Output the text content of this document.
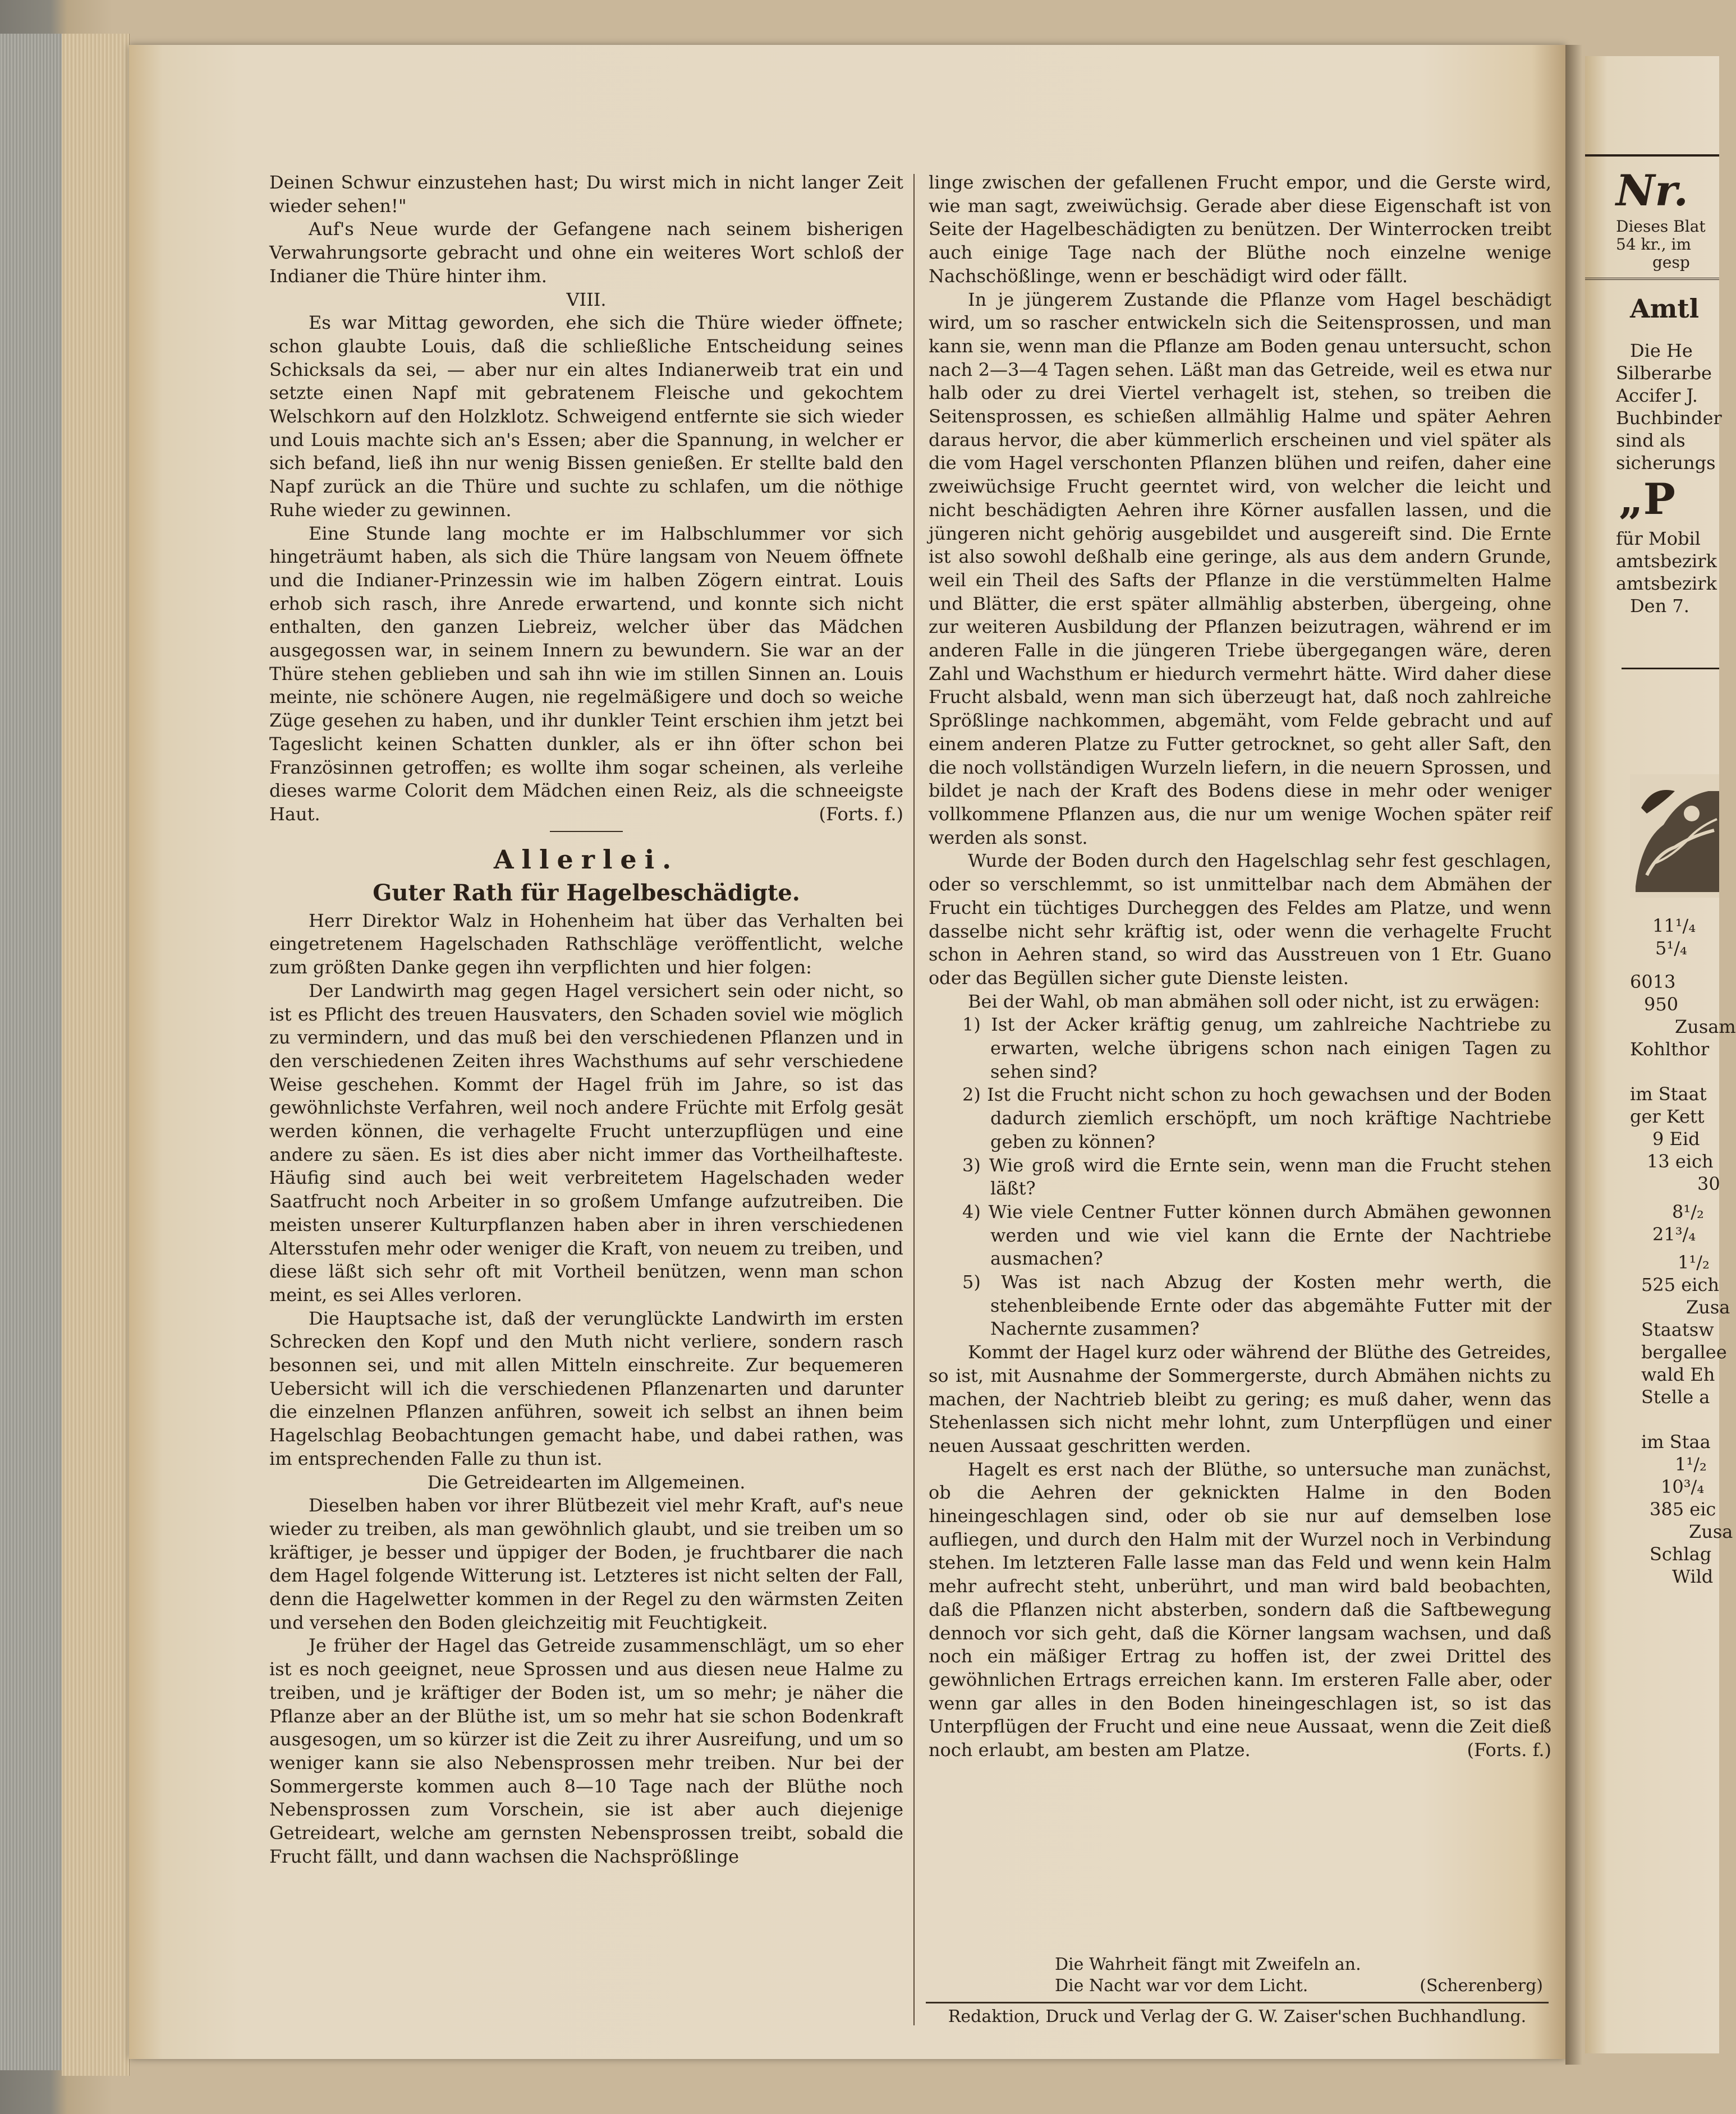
Deinen Schwur einzustehen hast; Du wirst mich in nicht langer Zeit wieder sehen!"

Auf's Neue wurde der Gefangene nach seinem bisherigen Verwahrungsorte gebracht und ohne ein weiteres Wort schloß der Indianer die Thüre hinter ihm.

VIII.

Es war Mittag geworden, ehe sich die Thüre wieder öffnete; schon glaubte Louis, daß die schließliche Entscheidung seines Schicksals da sei, — aber nur ein altes Indianerweib trat ein und setzte einen Napf mit gebratenem Fleische und gekochtem Welschkorn auf den Holzklotz. Schweigend entfernte sie sich wieder und Louis machte sich an's Essen; aber die Spannung, in welcher er sich befand, ließ ihn nur wenig Bissen genießen. Er stellte bald den Napf zurück an die Thüre und suchte zu schlafen, um die nöthige Ruhe wieder zu gewinnen.

Eine Stunde lang mochte er im Halbschlummer vor sich hingeträumt haben, als sich die Thüre langsam von Neuem öffnete und die Indianer-Prinzessin wie im halben Zögern eintrat. Louis erhob sich rasch, ihre Anrede erwartend, und konnte sich nicht enthalten, den ganzen Liebreiz, welcher über das Mädchen ausgegossen war, in seinem Innern zu bewundern. Sie war an der Thüre stehen geblieben und sah ihn wie im stillen Sinnen an. Louis meinte, nie schönere Augen, nie regelmäßigere und doch so weiche Züge gesehen zu haben, und ihr dunkler Teint erschien ihm jetzt bei Tageslicht keinen Schatten dunkler, als er ihn öfter schon bei Französinnen getroffen; es wollte ihm sogar scheinen, als verleihe dieses warme Colorit dem Mädchen einen Reiz, als die schneeigste Haut.	(Forts. f.)

Allerlei.
Guter Rath für Hagelbeschädigte.

Herr Direktor Walz in Hohenheim hat über das Verhalten bei eingetretenem Hagelschaden Rathschläge veröffentlicht, welche zum größten Danke gegen ihn verpflichten und hier folgen:

Der Landwirth mag gegen Hagel versichert sein oder nicht, so ist es Pflicht des treuen Hausvaters, den Schaden soviel wie möglich zu vermindern, und das muß bei den verschiedenen Pflanzen und in den verschiedenen Zeiten ihres Wachsthums auf sehr verschiedene Weise geschehen. Kommt der Hagel früh im Jahre, so ist das gewöhnlichste Verfahren, weil noch andere Früchte mit Erfolg gesät werden können, die verhagelte Frucht unterzupflügen und eine andere zu säen. Es ist dies aber nicht immer das Vortheilhafteste. Häufig sind auch bei weit verbreitetem Hagelschaden weder Saatfrucht noch Arbeiter in so großem Umfange aufzutreiben. Die meisten unserer Kulturpflanzen haben aber in ihren verschiedenen Altersstufen mehr oder weniger die Kraft, von neuem zu treiben, und diese läßt sich sehr oft mit Vortheil benützen, wenn man schon meint, es sei Alles verloren.

Die Hauptsache ist, daß der verunglückte Landwirth im ersten Schrecken den Kopf und den Muth nicht verliere, sondern rasch besonnen sei, und mit allen Mitteln einschreite. Zur bequemeren Uebersicht will ich die verschiedenen Pflanzenarten und darunter die einzelnen Pflanzen anführen, soweit ich selbst an ihnen beim Hagelschlag Beobachtungen gemacht habe, und dabei rathen, was im entsprechenden Falle zu thun ist.

Die Getreidearten im Allgemeinen.

Dieselben haben vor ihrer Blütbezeit viel mehr Kraft, auf's neue wieder zu treiben, als man gewöhnlich glaubt, und sie treiben um so kräftiger, je besser und üppiger der Boden, je fruchtbarer die nach dem Hagel folgende Witterung ist. Letzteres ist nicht selten der Fall, denn die Hagelwetter kommen in der Regel zu den wärmsten Zeiten und versehen den Boden gleichzeitig mit Feuchtigkeit.

Je früher der Hagel das Getreide zusammenschlägt, um so eher ist es noch geeignet, neue Sprossen und aus diesen neue Halme zu treiben, und je kräftiger der Boden ist, um so mehr; je näher die Pflanze aber an der Blüthe ist, um so mehr hat sie schon Bodenkraft ausgesogen, um so kürzer ist die Zeit zu ihrer Ausreifung, und um so weniger kann sie also Nebensprossen mehr treiben. Nur bei der Sommergerste kommen auch 8—10 Tage nach der Blüthe noch Nebensprossen zum Vorschein, sie ist aber auch diejenige Getreideart, welche am gernsten Nebensprossen treibt, sobald die Frucht fällt, und dann wachsen die Nachsprößlinge

linge zwischen der gefallenen Frucht empor, und die Gerste wird, wie man sagt, zweiwüchsig. Gerade aber diese Eigenschaft ist von Seite der Hagelbeschädigten zu benützen. Der Winterrocken treibt auch einige Tage nach der Blüthe noch einzelne wenige Nachschößlinge, wenn er beschädigt wird oder fällt.

In je jüngerem Zustande die Pflanze vom Hagel beschädigt wird, um so rascher entwickeln sich die Seitensprossen, und man kann sie, wenn man die Pflanze am Boden genau untersucht, schon nach 2—3—4 Tagen sehen. Läßt man das Getreide, weil es etwa nur halb oder zu drei Viertel verhagelt ist, stehen, so treiben die Seitensprossen, es schießen allmählig Halme und später Aehren daraus hervor, die aber kümmerlich erscheinen und viel später als die vom Hagel verschonten Pflanzen blühen und reifen, daher eine zweiwüchsige Frucht geerntet wird, von welcher die leicht und nicht beschädigten Aehren ihre Körner ausfallen lassen, und die jüngeren nicht gehörig ausgebildet und ausgereift sind. Die Ernte ist also sowohl deßhalb eine geringe, als aus dem andern Grunde, weil ein Theil des Safts der Pflanze in die verstümmelten Halme und Blätter, die erst später allmählig absterben, übergeing, ohne zur weiteren Ausbildung der Pflanzen beizutragen, während er im anderen Falle in die jüngeren Triebe übergegangen wäre, deren Zahl und Wachsthum er hiedurch vermehrt hätte. Wird daher diese Frucht alsbald, wenn man sich überzeugt hat, daß noch zahlreiche Sprößlinge nachkommen, abgemäht, vom Felde gebracht und auf einem anderen Platze zu Futter getrocknet, so geht aller Saft, den die noch vollständigen Wurzeln liefern, in die neuern Sprossen, und bildet je nach der Kraft des Bodens diese in mehr oder weniger vollkommene Pflanzen aus, die nur um wenige Wochen später reif werden als sonst.

Wurde der Boden durch den Hagelschlag sehr fest geschlagen, oder so verschlemmt, so ist unmittelbar nach dem Abmähen der Frucht ein tüchtiges Durcheggen des Feldes am Platze, und wenn dasselbe nicht sehr kräftig ist, oder wenn die verhagelte Frucht schon in Aehren stand, so wird das Ausstreuen von 1 Etr. Guano oder das Begüllen sicher gute Dienste leisten.

Bei der Wahl, ob man abmähen soll oder nicht, ist zu erwägen:

1) Ist der Acker kräftig genug, um zahlreiche Nachtriebe zu erwarten, welche übrigens schon nach einigen Tagen zu sehen sind?
2) Ist die Frucht nicht schon zu hoch gewachsen und der Boden dadurch ziemlich erschöpft, um noch kräftige Nachtriebe geben zu können?
3) Wie groß wird die Ernte sein, wenn man die Frucht stehen läßt?
4) Wie viele Centner Futter können durch Abmähen gewonnen werden und wie viel kann die Ernte der Nachtriebe ausmachen?
5) Was ist nach Abzug der Kosten mehr werth, die stehenbleibende Ernte oder das abgemähte Futter mit der Nachernte zusammen?

Kommt der Hagel kurz oder während der Blüthe des Getreides, so ist, mit Ausnahme der Sommergerste, durch Abmähen nichts zu machen, der Nachtrieb bleibt zu gering; es muß daher, wenn das Stehenlassen sich nicht mehr lohnt, zum Unterpflügen und einer neuen Aussaat geschritten werden.

Hagelt es erst nach der Blüthe, so untersuche man zunächst, ob die Aehren der geknickten Halme in den Boden hineingeschlagen sind, oder ob sie nur auf demselben lose aufliegen, und durch den Halm mit der Wurzel noch in Verbindung stehen. Im letzteren Falle lasse man das Feld und wenn kein Halm mehr aufrecht steht, unberührt, und man wird bald beobachten, daß die Pflanzen nicht absterben, sondern daß die Saftbewegung dennoch vor sich geht, daß die Körner langsam wachsen, und daß noch ein mäßiger Ertrag zu hoffen ist, der zwei Drittel des gewöhnlichen Ertrags erreichen kann. Im ersteren Falle aber, oder wenn gar alles in den Boden hineingeschlagen ist, so ist das Unterpflügen der Frucht und eine neue Aussaat, wenn die Zeit dieß noch erlaubt, am besten am Platze.	(Forts. f.)

Die Wahrheit fängt mit Zweifeln an.
Die Nacht war vor dem Licht.	(Scherenberg)
Redaktion, Druck und Verlag der G. W. Zaiser'schen Buchhandlung.
Nr.
Dieses Blat
54 kr., im
gesp
Amtl
Die He
Silberarbe
Accifer J.
Buchbinder
sind als
sicherungs
„P
für Mobil
amtsbezirk
amtsbezirk
Den 7.
11¹/₄
5¹/₄
6013
950
Zusam
Kohlthor
im Staat
ger Kett
9 Eid
13 eich
30
8¹/₂
21³/₄
1¹/₂
525 eich
Zusa
Staatsw
bergallee
wald Eh
Stelle a
im Staa
1¹/₂
10³/₄
385 eic
Zusa
Schlag
Wild
